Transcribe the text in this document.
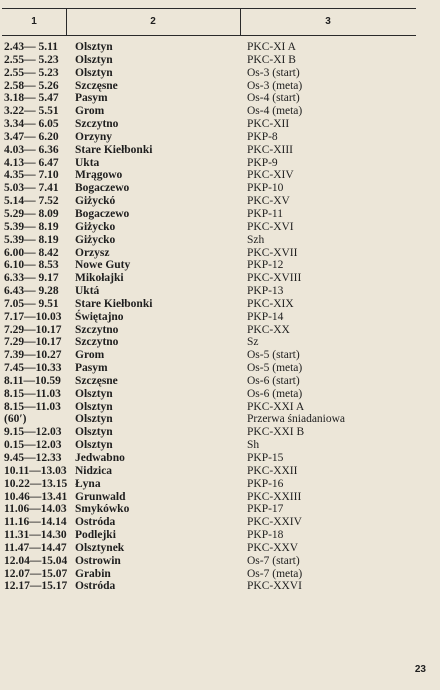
1	2	3
2.43— 5.11 Olsztyn	PKC-XI A
2.55— 5.23 Olsztyn	PKC-XI B
2.55— 5.23 Olsztyn	Os-3 (start)
2.58— 5.26 Szczęsne	Os-3 (meta)
3.18— 5.47 Pasym	Os-4 (start)
3.22— 5.51 Grom	Os-4 (meta)
3.34— 6.05 Szczytno	PKC-XII
3.47— 6.20 Orzyny	PKP-8
4.03— 6.36 Stare Kiełbonki	PKC-XIII
4.13— 6.47 Ukta	PKP-9
4.35— 7.10 Mrągowo	PKC-XIV
5.03— 7.41 Bogaczewo	PKP-10
5.14— 7.52 Giżyckó	PKC-XV
5.29— 8.09 Bogaczewo	PKP-11
5.39— 8.19 Giżycko	PKC-XVI
5.39— 8.19 Giżycko	Szh
6.00— 8.42 Orzysz	PKC-XVII
6.10— 8.53 Nowe Guty	PKP-12
6.33— 9.17 Mikołajki	PKC-XVIII
6.43— 9.28 Uktá	PKP-13
7.05— 9.51 Stare Kiełbonki	PKC-XIX
7.17—10.03 Świętajno	PKP-14
7.29—10.17 Szczytno	PKC-XX
7.29—10.17 Szczytno	Sz
7.39—10.27 Grom	Os-5 (start)
7.45—10.33 Pasym	Os-5 (meta)
8.11—10.59 Szczęsne	Os-6 (start)
8.15—11.03 Olsztyn	Os-6 (meta)
8.15—11.03 Olsztyn	PKC-XXI A
(60′)	Olsztyn	Przerwa śniadaniowa
9.15—12.03 Olsztyn	PKC-XXI B
0.15—12.03 Olsztyn	Sh
9.45—12.33 Jedwabno	PKP-15
10.11—13.03 Nidzica	PKC-XXII
10.22—13.15 Łyna	PKP-16
10.46—13.41 Grunwald	PKC-XXIII
11.06—14.03 Smykówko	PKP-17
11.16—14.14 Ostróda	PKC-XXIV
11.31—14.30 Podlejki	PKP-18
11.47—14.47 Olsztynek	PKC-XXV
12.04—15.04 Ostrowin	Os-7 (start)
12.07—15.07 Grabin	Os-7 (meta)
12.17—15.17 Ostróda	PKC-XXVI
23
